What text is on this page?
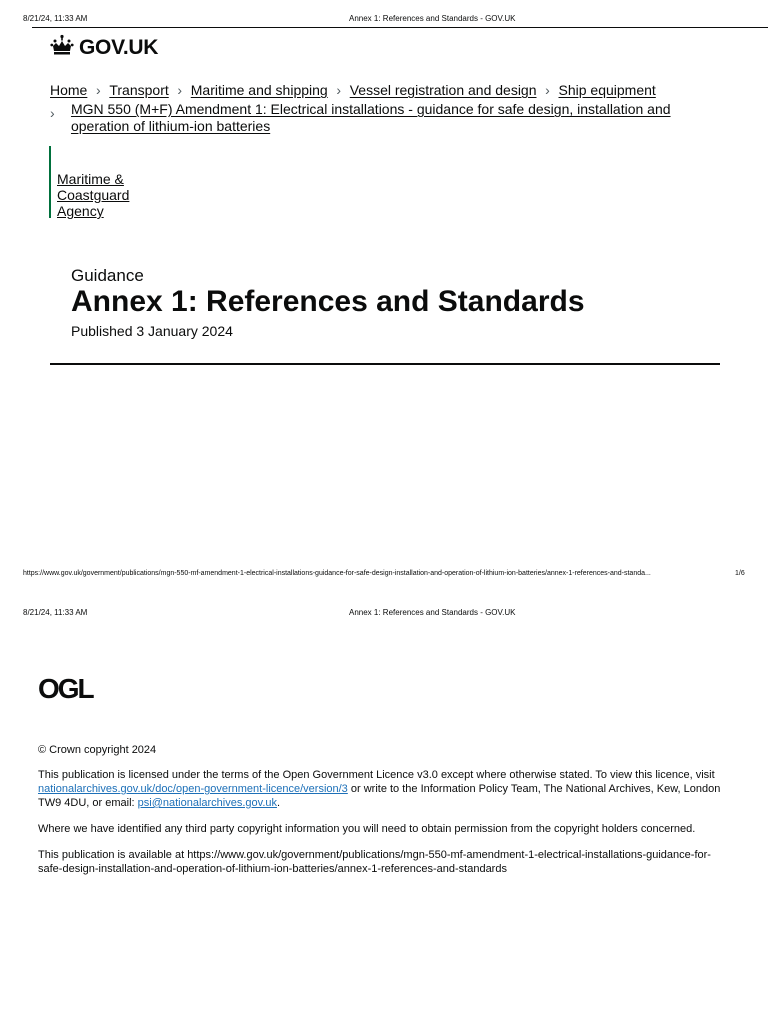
8/21/24, 11:33 AM	Annex 1: References and Standards - GOV.UK
GOV.UK
Home › Transport › Maritime and shipping › Vessel registration and design › Ship equipment
›	MGN 550 (M+F) Amendment 1: Electrical installations - guidance for safe design, installation and operation of lithium-ion batteries
Maritime & Coastguard Agency
Guidance
Annex 1: References and Standards
Published 3 January 2024
https://www.gov.uk/government/publications/mgn-550-mf-amendment-1-electrical-installations-guidance-for-safe-design-installation-and-operation-of-lithium-ion-batteries/annex-1-references-and-standa...	1/6
8/21/24, 11:33 AM	Annex 1: References and Standards - GOV.UK
OGL
© Crown copyright 2024
This publication is licensed under the terms of the Open Government Licence v3.0 except where otherwise stated. To view this licence, visit nationalarchives.gov.uk/doc/open-government-licence/version/3 or write to the Information Policy Team, The National Archives, Kew, London TW9 4DU, or email: psi@nationalarchives.gov.uk.
Where we have identified any third party copyright information you will need to obtain permission from the copyright holders concerned.
This publication is available at https://www.gov.uk/government/publications/mgn-550-mf-amendment-1-electrical-installations-guidance-for-safe-design-installation-and-operation-of-lithium-ion-batteries/annex-1-references-and-standards
